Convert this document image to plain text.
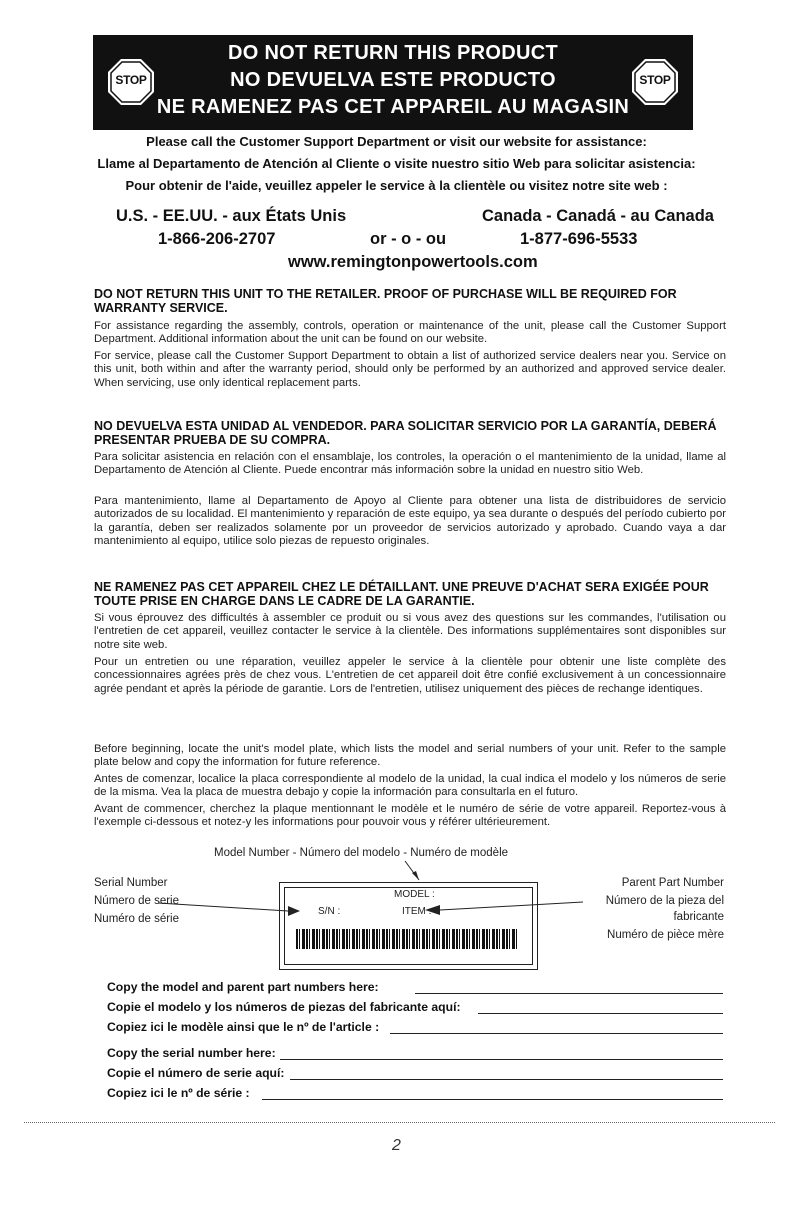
STOP	STOP
DO NOT RETURN THIS PRODUCT
NO DEVUELVA ESTE PRODUCTO
NE RAMENEZ PAS CET APPAREIL AU MAGASIN
Please call the Customer Support Department or visit our website for assistance:
Llame al Departamento de Atención al Cliente o visite nuestro sitio Web para solicitar asistencia:
Pour obtenir de l'aide, veuillez appeler le service à la clientèle ou visitez notre site web :
U.S. - EE.UU. - aux États Unis	Canada - Canadá - au Canada
1-866-206-2707	or - o - ou	1-877-696-5533
www.remingtonpowertools.com
DO NOT RETURN THIS UNIT TO THE RETAILER. PROOF OF PURCHASE WILL BE REQUIRED FOR WARRANTY SERVICE.
For assistance regarding the assembly, controls, operation or maintenance of the unit, please call the Customer Support Department. Additional information about the unit can be found on our website.
For service, please call the Customer Support Department to obtain a list of authorized service dealers near you. Service on this unit, both within and after the warranty period, should only be performed by an authorized and approved service dealer. When servicing, use only identical replacement parts.
NO DEVUELVA ESTA UNIDAD AL VENDEDOR. PARA SOLICITAR SERVICIO POR LA GARANTÍA, DEBERÁ PRESENTAR PRUEBA DE SU COMPRA.
Para solicitar asistencia en relación con el ensamblaje, los controles, la operación o el mantenimiento de la unidad, llame al Departamento de Atención al Cliente. Puede encontrar más información sobre la unidad en nuestro sitio Web.
Para mantenimiento, llame al Departamento de Apoyo al Cliente para obtener una lista de distribuidores de servicio autorizados de su localidad. El mantenimiento y reparación de este equipo, ya sea durante o después del período cubierto por la garantía, deben ser realizados solamente por un proveedor de servicios autorizado y aprobado. Cuando vaya a dar mantenimiento al equipo, utilice solo piezas de repuesto originales.
NE RAMENEZ PAS CET APPAREIL CHEZ LE DÉTAILLANT. UNE PREUVE D'ACHAT SERA EXIGÉE POUR TOUTE PRISE EN CHARGE DANS LE CADRE DE LA GARANTIE.
Si vous éprouvez des difficultés à assembler ce produit ou si vous avez des questions sur les commandes, l'utilisation ou l'entretien de cet appareil, veuillez contacter le service à la clientèle. Des informations supplémentaires sont disponibles sur notre site web.
Pour un entretien ou une réparation, veuillez appeler le service à la clientèle pour obtenir une liste complète des concessionnaires agrées près de chez vous. L'entretien de cet appareil doit être confié exclusivement à un concessionnaire agrée pendant et après la période de garantie. Lors de l'entretien, utilisez uniquement des pièces de rechange identiques.
Before beginning, locate the unit's model plate, which lists the model and serial numbers of your unit. Refer to the sample plate below and copy the information for future reference.
Antes de comenzar, localice la placa correspondiente al modelo de la unidad, la cual indica el modelo y los números de serie de la misma. Vea la placa de muestra debajo y copie la información para consultarla en el futuro.
Avant de commencer, cherchez la plaque mentionnant le modèle et le numéro de série de votre appareil. Reportez-vous à l'exemple ci-dessous et notez-y les informations pour pouvoir vous y référer ultérieurement.
Model Number - Número del modelo - Numéro de modèle
Serial Number
Número de serie
Numéro de série
Parent Part Number
Número de la pieza del
fabricante
Numéro de pièce mère
MODEL :
S/N :	ITEM :
Copy the model and parent part numbers here:
Copie el modelo y los números de piezas del fabricante aquí:
Copiez ici le modèle ainsi que le nº de l'article :
Copy the serial number here:
Copie el número de serie aquí:
Copiez ici le nº de série :
2
